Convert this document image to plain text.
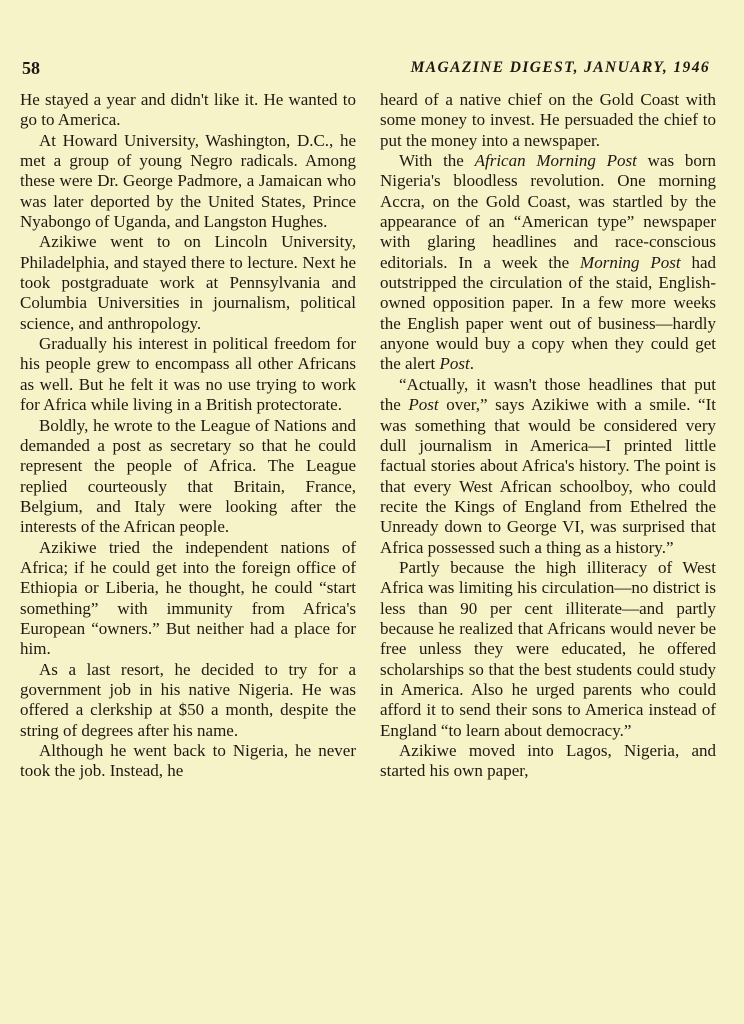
58	MAGAZINE DIGEST, JANUARY, 1946

He stayed a year and didn't like it. He wanted to go to America.

At Howard University, Washington, D.C., he met a group of young Negro radicals. Among these were Dr. George Padmore, a Jamaican who was later deported by the United States, Prince Nyabongo of Uganda, and Langston Hughes.

Azikiwe went to on Lincoln University, Philadelphia, and stayed there to lecture. Next he took postgraduate work at Pennsylvania and Columbia Universities in journalism, political science, and anthropology.

Gradually his interest in political freedom for his people grew to encompass all other Africans as well. But he felt it was no use trying to work for Africa while living in a British protectorate.

Boldly, he wrote to the League of Nations and demanded a post as secretary so that he could represent the people of Africa. The League replied courteously that Britain, France, Belgium, and Italy were looking after the interests of the African people.

Azikiwe tried the independent nations of Africa; if he could get into the foreign office of Ethiopia or Liberia, he thought, he could “start something” with immunity from Africa's European “owners.” But neither had a place for him.

As a last resort, he decided to try for a government job in his native Nigeria. He was offered a clerkship at $50 a month, despite the string of degrees after his name.

Although he went back to Nigeria, he never took the job. Instead, he

heard of a native chief on the Gold Coast with some money to invest. He persuaded the chief to put the money into a newspaper.

With the African Morning Post was born Nigeria's bloodless revolution. One morning Accra, on the Gold Coast, was startled by the appearance of an “American type” newspaper with glaring headlines and race-conscious editorials. In a week the Morning Post had outstripped the circulation of the staid, English-owned opposition paper. In a few more weeks the English paper went out of business—hardly anyone would buy a copy when they could get the alert Post.

“Actually, it wasn't those headlines that put the Post over,” says Azikiwe with a smile. “It was something that would be considered very dull journalism in America—I printed little factual stories about Africa's history. The point is that every West African schoolboy, who could recite the Kings of England from Ethelred the Unready down to George VI, was surprised that Africa possessed such a thing as a history.”

Partly because the high illiteracy of West Africa was limiting his circulation—no district is less than 90 per cent illiterate—and partly because he realized that Africans would never be free unless they were educated, he offered scholarships so that the best students could study in America. Also he urged parents who could afford it to send their sons to America instead of England “to learn about democracy.”

Azikiwe moved into Lagos, Nigeria, and started his own paper,
